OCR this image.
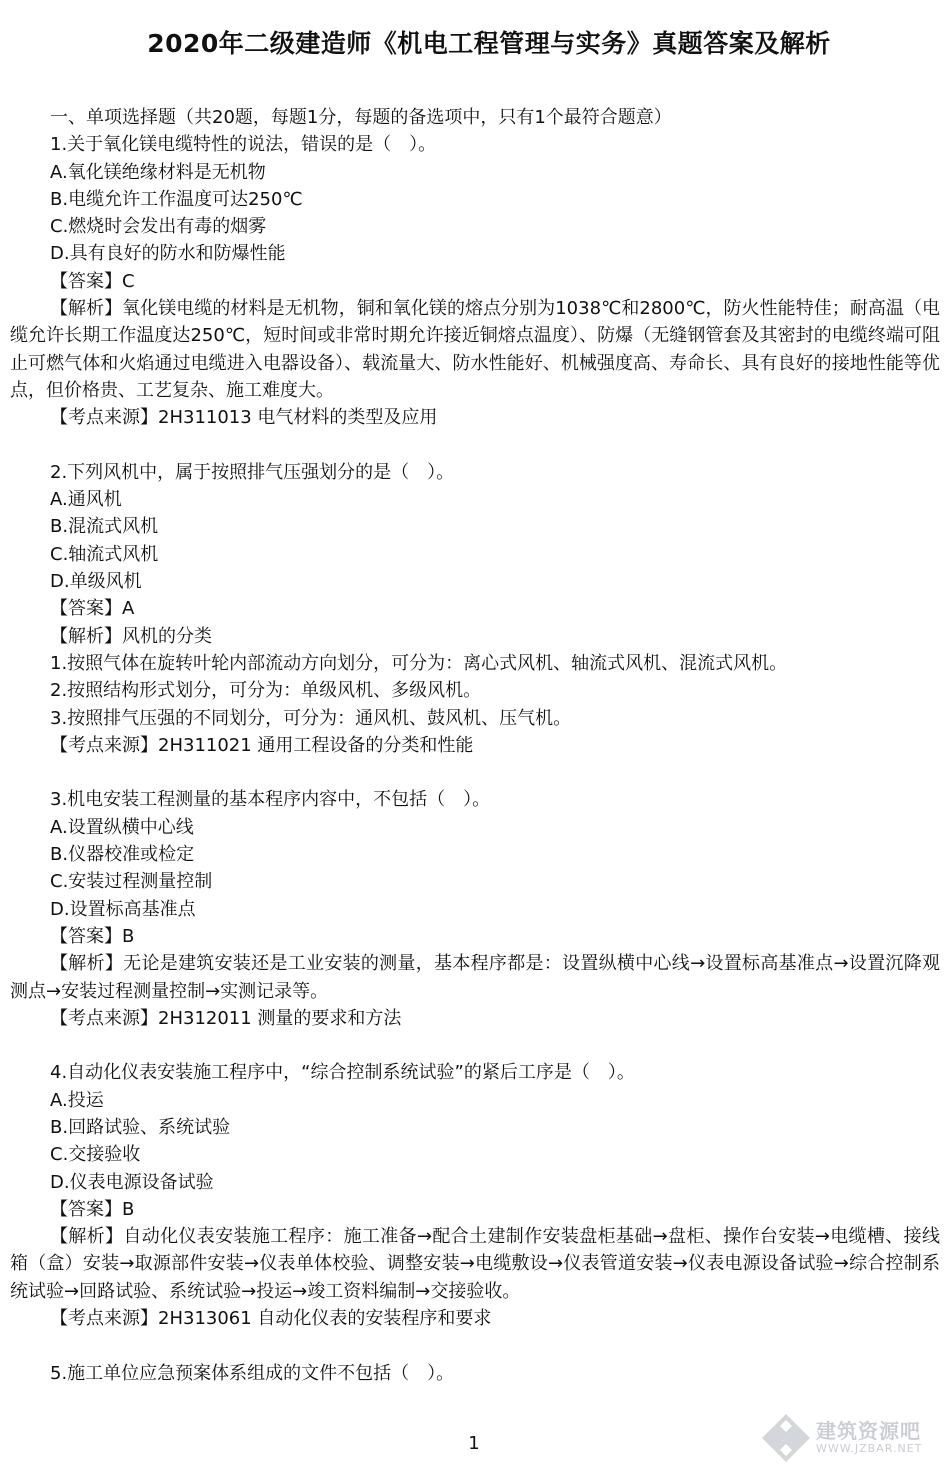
2020年二级建造师《机电工程管理与实务》真题答案及解析
一、单项选择题（共20题，每题1分，每题的备选项中，只有1个最符合题意）
1.关于氧化镁电缆特性的说法，错误的是（　）。
A.氧化镁绝缘材料是无机物
B.电缆允许工作温度可达250℃
C.燃烧时会发出有毒的烟雾
D.具有良好的防水和防爆性能
【答案】C
【解析】氧化镁电缆的材料是无机物，铜和氧化镁的熔点分别为1038℃和2800℃，防火性能特佳；耐高温（电缆允许长期工作温度达250℃，短时间或非常时期允许接近铜熔点温度）、防爆（无缝钢管套及其密封的电缆终端可阻止可燃气体和火焰通过电缆进入电器设备）、载流量大、防水性能好、机械强度高、寿命长、具有良好的接地性能等优点，但价格贵、工艺复杂、施工难度大。
【考点来源】2H311013 电气材料的类型及应用
2.下列风机中，属于按照排气压强划分的是（　）。
A.通风机
B.混流式风机
C.轴流式风机
D.单级风机
【答案】A
【解析】风机的分类
1.按照气体在旋转叶轮内部流动方向划分，可分为：离心式风机、轴流式风机、混流式风机。
2.按照结构形式划分，可分为：单级风机、多级风机。
3.按照排气压强的不同划分，可分为：通风机、鼓风机、压气机。
【考点来源】2H311021 通用工程设备的分类和性能
3.机电安装工程测量的基本程序内容中，不包括（　）。
A.设置纵横中心线
B.仪器校准或检定
C.安装过程测量控制
D.设置标高基准点
【答案】B
【解析】无论是建筑安装还是工业安装的测量，基本程序都是：设置纵横中心线→设置标高基准点→设置沉降观测点→安装过程测量控制→实测记录等。
【考点来源】2H312011 测量的要求和方法
4.自动化仪表安装施工程序中，“综合控制系统试验”的紧后工序是（　）。
A.投运
B.回路试验、系统试验
C.交接验收
D.仪表电源设备试验
【答案】B
【解析】自动化仪表安装施工程序：施工准备→配合土建制作安装盘柜基础→盘柜、操作台安装→电缆槽、接线箱（盒）安装→取源部件安装→仪表单体校验、调整安装→电缆敷设→仪表管道安装→仪表电源设备试验→综合控制系统试验→回路试验、系统试验→投运→竣工资料编制→交接验收。
【考点来源】2H313061 自动化仪表的安装程序和要求
5.施工单位应急预案体系组成的文件不包括（　）。
1
建筑资源吧
WWW.JZBAR.NET
